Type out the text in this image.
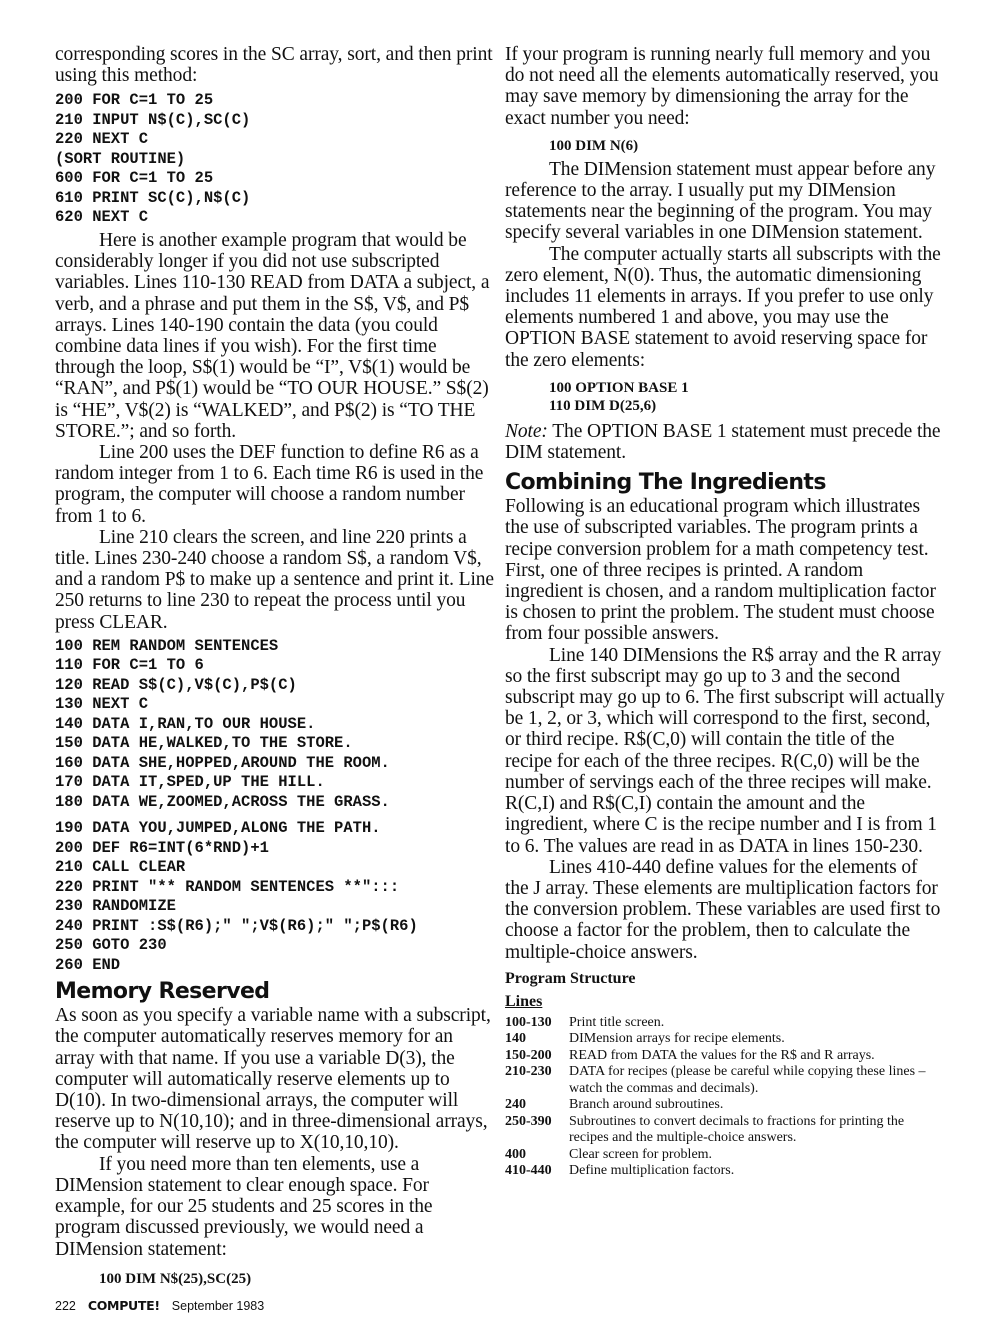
corresponding scores in the SC array, sort, and then print using this method:

200 FOR C=1 TO 25
210 INPUT N$(C),SC(C)
220 NEXT C
(SORT ROUTINE)
600 FOR C=1 TO 25
610 PRINT SC(C),N$(C)
620 NEXT C

Here is another example program that would be considerably longer if you did not use subscripted variables. Lines 110-130 READ from DATA a subject, a verb, and a phrase and put them in the S$, V$, and P$ arrays. Lines 140-190 contain the data (you could combine data lines if you wish). For the first time through the loop, S$(1) would be “I”, V$(1) would be “RAN”, and P$(1) would be “TO OUR HOUSE.” S$(2) is “HE”, V$(2) is “WALKED”, and P$(2) is “TO THE STORE.”; and so forth.

Line 200 uses the DEF function to define R6 as a random integer from 1 to 6. Each time R6 is used in the program, the computer will choose a random number from 1 to 6.

Line 210 clears the screen, and line 220 prints a title. Lines 230-240 choose a random S$, a random V$, and a random P$ to make up a sentence and print it. Line 250 returns to line 230 to repeat the process until you press CLEAR.

100 REM RANDOM SENTENCES
110 FOR C=1 TO 6
120 READ S$(C),V$(C),P$(C)
130 NEXT C
140 DATA I,RAN,TO OUR HOUSE.
150 DATA HE,WALKED,TO THE STORE.
160 DATA SHE,HOPPED,AROUND THE ROOM.
170 DATA IT,SPED,UP THE HILL.
180 DATA WE,ZOOMED,ACROSS THE GRASS.
190 DATA YOU,JUMPED,ALONG THE PATH.
200 DEF R6=INT(6*RND)+1
210 CALL CLEAR
220 PRINT "** RANDOM SENTENCES **":::
230 RANDOMIZE
240 PRINT :S$(R6);" ";V$(R6);" ";P$(R6)
250 GOTO 230
260 END
Memory Reserved

As soon as you specify a variable name with a subscript, the computer automatically reserves memory for an array with that name. If you use a variable D(3), the computer will automatically reserve elements up to D(10). In two-dimensional arrays, the computer will reserve up to N(10,10); and in three-dimensional arrays, the computer will reserve up to X(10,10,10).

If you need more than ten elements, use a DIMension statement to clear enough space. For example, for our 25 students and 25 scores in the program discussed previously, we would need a DIMension statement:

100 DIM N$(25),SC(25)

If your program is running nearly full memory and you do not need all the elements automatically reserved, you may save memory by dimensioning the array for the exact number you need:

100 DIM N(6)

The DIMension statement must appear before any reference to the array. I usually put my DIMension statements near the beginning of the program. You may specify several variables in one DIMension statement.

The computer actually starts all subscripts with the zero element, N(0). Thus, the automatic dimensioning includes 11 elements in arrays. If you prefer to use only elements numbered 1 and above, you may use the OPTION BASE statement to avoid reserving space for the zero elements:

100 OPTION BASE 1
110 DIM D(25,6)

Note: The OPTION BASE 1 statement must precede the DIM statement.

Combining The Ingredients

Following is an educational program which illustrates the use of subscripted variables. The program prints a recipe conversion problem for a math competency test. First, one of three recipes is printed. A random ingredient is chosen, and a random multiplication factor is chosen to print the problem. The student must choose from four possible answers.

Line 140 DIMensions the R$ array and the R array so the first subscript may go up to 3 and the second subscript may go up to 6. The first subscript will actually be 1, 2, or 3, which will correspond to the first, second, or third recipe. R$(C,0) will contain the title of the recipe for each of the three recipes. R(C,0) will be the number of servings each of the three recipes will make. R(C,I) and R$(C,I) contain the amount and the ingredient, where C is the recipe number and I is from 1 to 6. The values are read in as DATA in lines 150-230.

Lines 410-440 define values for the elements of the J array. These elements are multiplication factors for the conversion problem. These variables are used first to choose a factor for the problem, then to calculate the multiple-choice answers.

Program Structure
Lines
100-130	Print title screen.
140	DIMension arrays for recipe elements.
150-200	READ from DATA the values for the R$ and R arrays.
210-230	DATA for recipes (please be careful while copying these lines – watch the commas and decimals).
240	Branch around subroutines.
250-390	Subroutines to convert decimals to fractions for printing the recipes and the multiple-choice answers.
400	Clear screen for problem.
410-440	Define multiplication factors.
222 COMPUTE! September 1983
